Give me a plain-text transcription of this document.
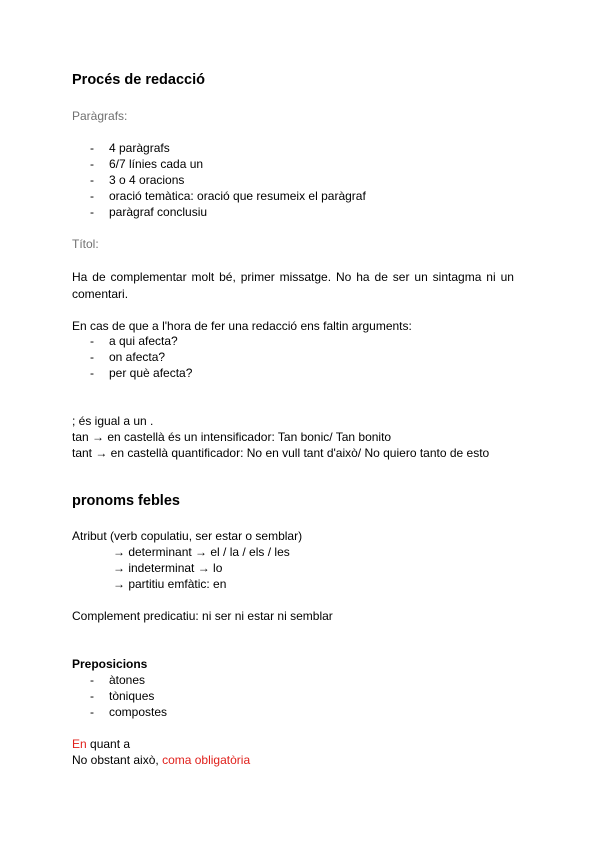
Procés de redacció
Paràgrafs:
- 4 paràgrafs
- 6/7 línies cada un
- 3 o 4 oracions
- oració temàtica: oració que resumeix el paràgraf
- paràgraf conclusiu
Títol:
Ha de complementar molt bé, primer missatge. No ha de ser un sintagma ni un
comentari.
En cas de que a l'hora de fer una redacció ens faltin arguments:
- a qui afecta?
- on afecta?
- per què afecta?
; és igual a un .
tan → en castellà és un intensificador: Tan bonic/ Tan bonito
tant → en castellà quantificador: No en vull tant d'això/ No quiero tanto de esto
pronoms febles
Atribut (verb copulatiu, ser estar o semblar)
→ determinant → el / la / els / les
→ indeterminat → lo
→ partitiu emfàtic: en
Complement predicatiu: ni ser ni estar ni semblar
Preposicions
- àtones
- tòniques
- compostes
En quant a
No obstant això, coma obligatòria
